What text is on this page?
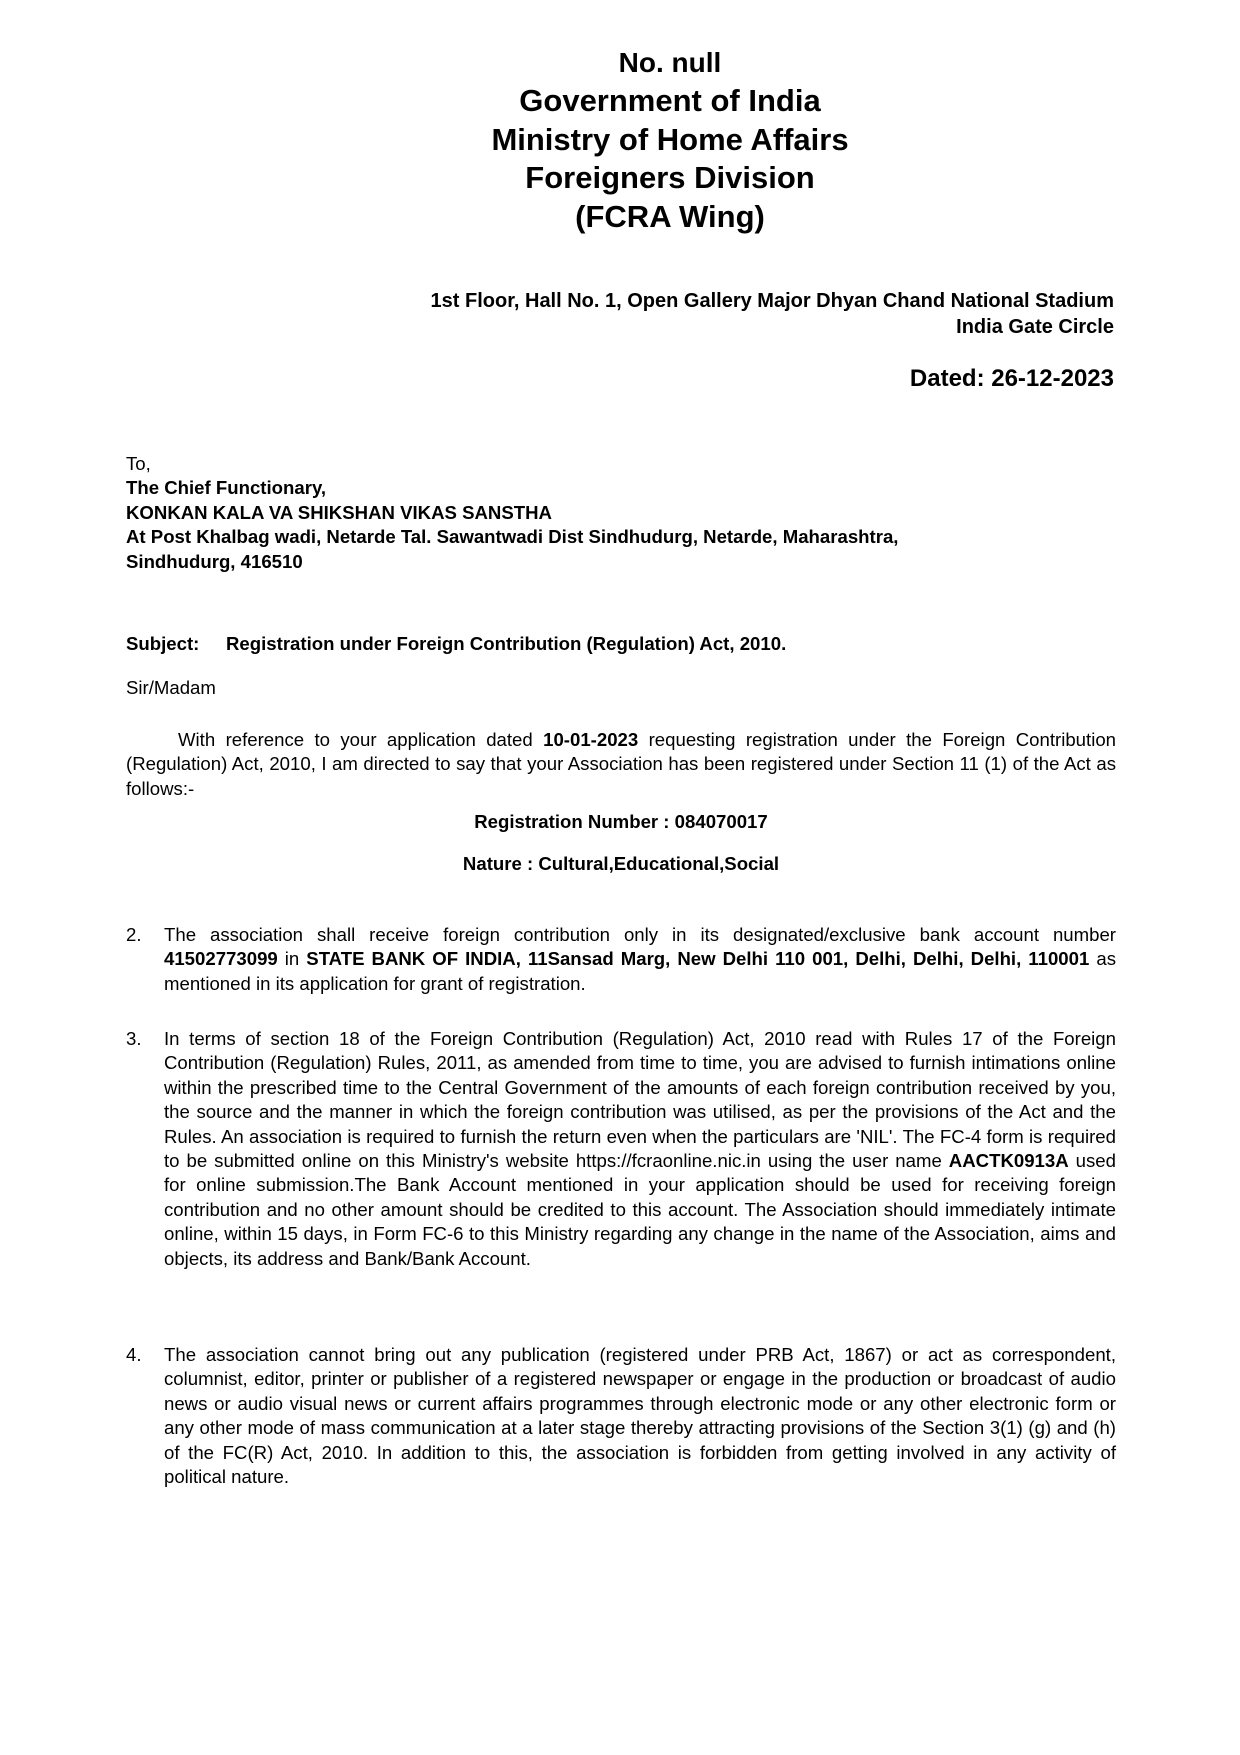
No. null
Government of India
Ministry of Home Affairs
Foreigners Division
(FCRA Wing)
1st Floor, Hall No. 1, Open Gallery Major Dhyan Chand National Stadium
India Gate Circle
Dated: 26-12-2023
To,
The Chief Functionary,
KONKAN KALA VA SHIKSHAN VIKAS SANSTHA
At Post Khalbag wadi, Netarde Tal. Sawantwadi Dist Sindhudurg, Netarde, Maharashtra,
Sindhudurg, 416510
Subject: Registration under Foreign Contribution (Regulation) Act, 2010.
Sir/Madam
With reference to your application dated 10-01-2023 requesting registration under the Foreign Contribution (Regulation) Act, 2010, I am directed to say that your Association has been registered under Section 11 (1) of the Act as follows:-
Registration Number : 084070017
Nature : Cultural,Educational,Social
2.	The association shall receive foreign contribution only in its designated/exclusive bank account number 41502773099 in STATE BANK OF INDIA, 11Sansad Marg, New Delhi 110 001, Delhi, Delhi, Delhi, 110001 as mentioned in its application for grant of registration.
3.	In terms of section 18 of the Foreign Contribution (Regulation) Act, 2010 read with Rules 17 of the Foreign Contribution (Regulation) Rules, 2011, as amended from time to time, you are advised to furnish intimations online within the prescribed time to the Central Government of the amounts of each foreign contribution received by you, the source and the manner in which the foreign contribution was utilised, as per the provisions of the Act and the Rules. An association is required to furnish the return even when the particulars are 'NIL'. The FC-4 form is required to be submitted online on this Ministry's website https://fcraonline.nic.in using the user name AACTK0913A used for online submission.The Bank Account mentioned in your application should be used for receiving foreign contribution and no other amount should be credited to this account. The Association should immediately intimate online, within 15 days, in Form FC-6 to this Ministry regarding any change in the name of the Association, aims and objects, its address and Bank/Bank Account.
4.	The association cannot bring out any publication (registered under PRB Act, 1867) or act as correspondent, columnist, editor, printer or publisher of a registered newspaper or engage in the production or broadcast of audio news or audio visual news or current affairs programmes through electronic mode or any other electronic form or any other mode of mass communication at a later stage thereby attracting provisions of the Section 3(1) (g) and (h) of the FC(R) Act, 2010. In addition to this, the association is forbidden from getting involved in any activity of political nature.
